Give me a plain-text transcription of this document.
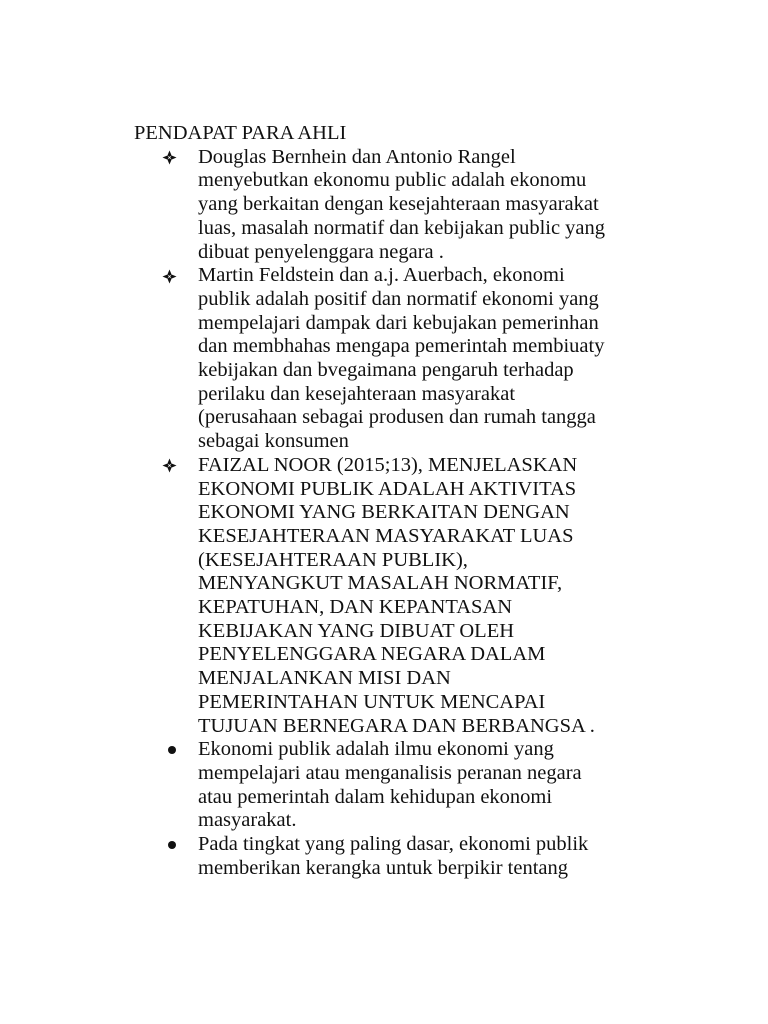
PENDAPAT PARA AHLI

Douglas Bernhein dan Antonio Rangel
menyebutkan ekonomu public adalah ekonomu
yang berkaitan dengan kesejahteraan masyarakat
luas, masalah normatif dan kebijakan public yang
dibuat penyelenggara negara .
Martin Feldstein dan a.j. Auerbach, ekonomi
publik adalah positif dan normatif ekonomi yang
mempelajari dampak dari kebujakan pemerinhan
dan membhahas mengapa pemerintah membiuaty
kebijakan dan bvegaimana pengaruh terhadap
perilaku dan kesejahteraan masyarakat
(perusahaan sebagai produsen dan rumah tangga
sebagai konsumen
FAIZAL NOOR (2015;13), MENJELASKAN
EKONOMI PUBLIK ADALAH AKTIVITAS
EKONOMI YANG BERKAITAN DENGAN
KESEJAHTERAAN MASYARAKAT LUAS
(KESEJAHTERAAN PUBLIK),
MENYANGKUT MASALAH NORMATIF,
KEPATUHAN, DAN KEPANTASAN
KEBIJAKAN YANG DIBUAT OLEH
PENYELENGGARA NEGARA DALAM
MENJALANKAN MISI DAN
PEMERINTAHAN UNTUK MENCAPAI
TUJUAN BERNEGARA DAN BERBANGSA .
Ekonomi publik adalah ilmu ekonomi yang
mempelajari atau menganalisis peranan negara
atau pemerintah dalam kehidupan ekonomi
masyarakat.
Pada tingkat yang paling dasar, ekonomi publik
memberikan kerangka untuk berpikir tentang
